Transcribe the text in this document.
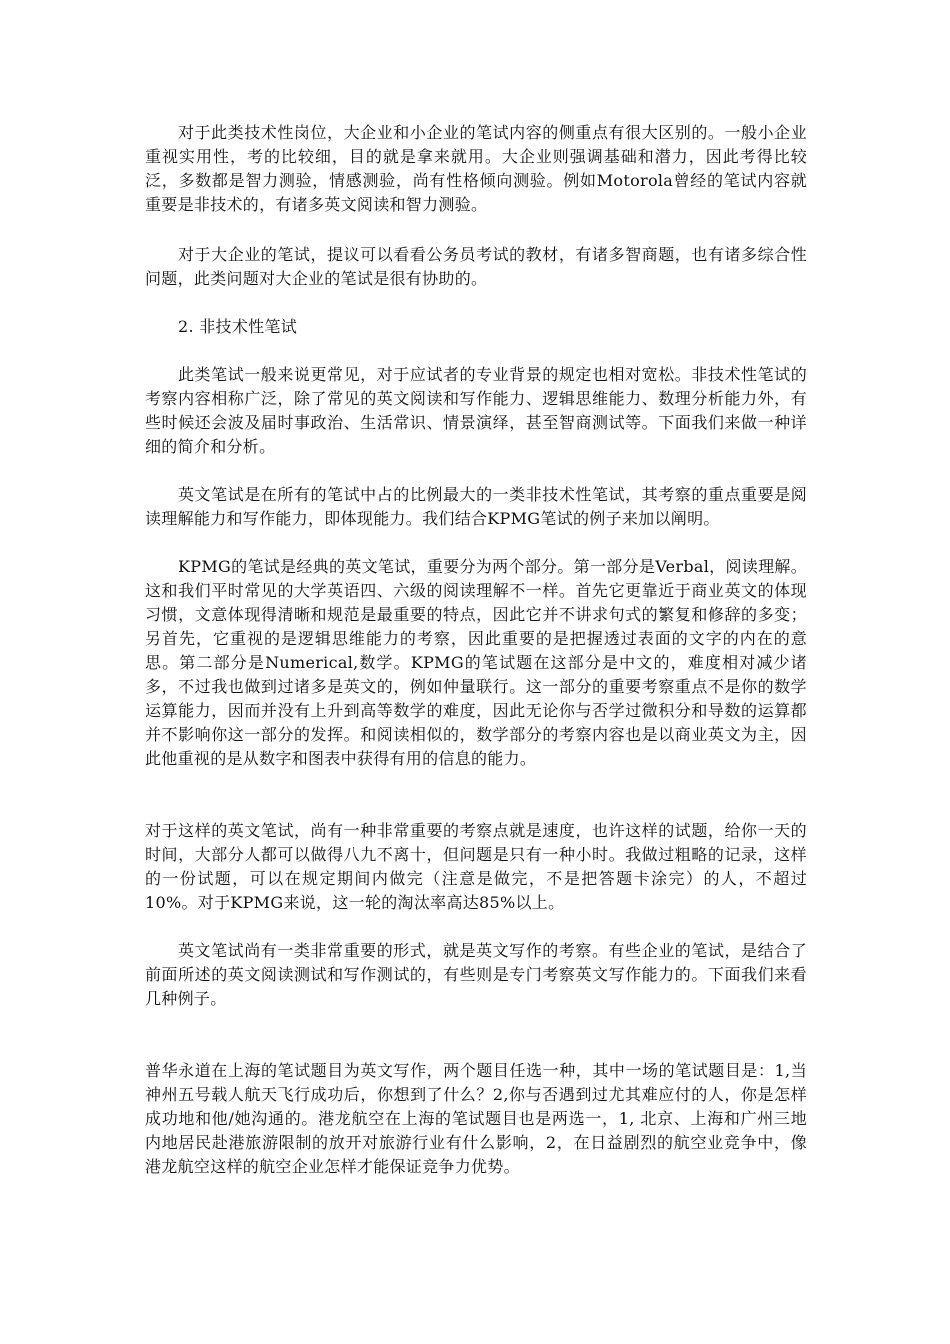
对于此类技术性岗位，大企业和小企业的笔试内容的侧重点有很大区别的。一般小企业重视实用性，考的比较细，目的就是拿来就用。大企业则强调基础和潜力，因此考得比较泛，多数都是智力测验，情感测验，尚有性格倾向测验。例如Motorola曾经的笔试内容就重要是非技术的，有诸多英文阅读和智力测验。

对于大企业的笔试，提议可以看看公务员考试的教材，有诸多智商题，也有诸多综合性问题，此类问题对大企业的笔试是很有协助的。

2. 非技术性笔试

此类笔试一般来说更常见，对于应试者的专业背景的规定也相对宽松。非技术性笔试的考察内容相称广泛，除了常见的英文阅读和写作能力、逻辑思维能力、数理分析能力外，有些时候还会波及届时事政治、生活常识、情景演绎，甚至智商测试等。下面我们来做一种详细的简介和分析。

英文笔试是在所有的笔试中占的比例最大的一类非技术性笔试，其考察的重点重要是阅读理解能力和写作能力，即体现能力。我们结合KPMG笔试的例子来加以阐明。

KPMG的笔试是经典的英文笔试，重要分为两个部分。第一部分是Verbal，阅读理解。这和我们平时常见的大学英语四、六级的阅读理解不一样。首先它更靠近于商业英文的体现习惯，文意体现得清晰和规范是最重要的特点，因此它并不讲求句式的繁复和修辞的多变；另首先，它重视的是逻辑思维能力的考察，因此重要的是把握透过表面的文字的内在的意思。第二部分是Numerical,数学。KPMG的笔试题在这部分是中文的，难度相对减少诸多，不过我也做到过诸多是英文的，例如仲量联行。这一部分的重要考察重点不是你的数学运算能力，因而并没有上升到高等数学的难度，因此无论你与否学过微积分和导数的运算都并不影响你这一部分的发挥。和阅读相似的，数学部分的考察内容也是以商业英文为主，因此他重视的是从数字和图表中获得有用的信息的能力。

对于这样的英文笔试，尚有一种非常重要的考察点就是速度，也许这样的试题，给你一天的时间，大部分人都可以做得八九不离十，但问题是只有一种小时。我做过粗略的记录，这样的一份试题，可以在规定期间内做完（注意是做完，不是把答题卡涂完）的人，不超过10%。对于KPMG来说，这一轮的淘汰率高达85%以上。

英文笔试尚有一类非常重要的形式，就是英文写作的考察。有些企业的笔试，是结合了前面所述的英文阅读测试和写作测试的，有些则是专门考察英文写作能力的。下面我们来看几种例子。

普华永道在上海的笔试题目为英文写作，两个题目任选一种，其中一场的笔试题目是：1,当神州五号载人航天飞行成功后，你想到了什么？2,你与否遇到过尤其难应付的人，你是怎样成功地和他/她沟通的。港龙航空在上海的笔试题目也是两选一，1, 北京、上海和广州三地内地居民赴港旅游限制的放开对旅游行业有什么影响，2，在日益剧烈的航空业竞争中，像港龙航空这样的航空企业怎样才能保证竞争力优势。
